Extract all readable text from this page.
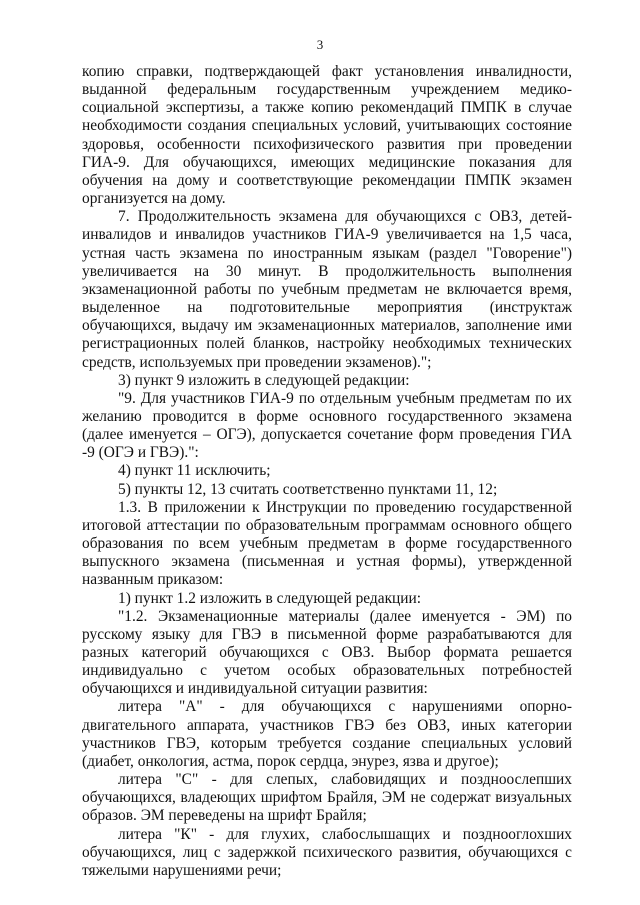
3

копию справки, подтверждающей факт установления инвалидности, выданной федеральным государственным учреждением медико-социальной экспертизы, а также копию рекомендаций ПМПК в случае необходимости создания специальных условий, учитывающих состояние здоровья, особенности психофизического развития при проведении ГИА-9. Для обучающихся, имеющих медицинские показания для обучения на дому и соответствующие рекомендации ПМПК экзамен организуется на дому.

7. Продолжительность экзамена для обучающихся с ОВЗ, детей-инвалидов и инвалидов участников ГИА-9 увеличивается на 1,5 часа, устная часть экзамена по иностранным языкам (раздел "Говорение") увеличивается на 30 минут. В продолжительность выполнения экзаменационной работы по учебным предметам не включается время, выделенное на подготовительные мероприятия (инструктаж обучающихся, выдачу им экзаменационных материалов, заполнение ими регистрационных полей бланков, настройку необходимых технических средств, используемых при проведении экзаменов).";

3) пункт 9 изложить в следующей редакции:

"9. Для участников ГИА-9 по отдельным учебным предметам по их желанию проводится в форме основного государственного экзамена (далее именуется – ОГЭ), допускается сочетание форм проведения ГИА -9 (ОГЭ и ГВЭ).":

4) пункт 11 исключить;

5) пункты 12, 13 считать соответственно пунктами 11, 12;

1.3. В приложении к Инструкции по проведению государственной итоговой аттестации по образовательным программам основного общего образования по всем учебным предметам в форме государственного выпускного экзамена (письменная и устная формы), утвержденной названным приказом:

1) пункт 1.2 изложить в следующей редакции:

"1.2. Экзаменационные материалы (далее именуется - ЭМ) по русскому языку для ГВЭ в письменной форме разрабатываются для разных категорий обучающихся с ОВЗ. Выбор формата решается индивидуально с учетом особых образовательных потребностей обучающихся и индивидуальной ситуации развития:

литера "А" - для обучающихся с нарушениями опорно-двигательного аппарата, участников ГВЭ без ОВЗ, иных категории участников ГВЭ, которым требуется создание специальных условий (диабет, онкология, астма, порок сердца, энурез, язва и другое);

литера "С" - для слепых, слабовидящих и поздноослепших обучающихся, владеющих шрифтом Брайля, ЭМ не содержат визуальных образов. ЭМ переведены на шрифт Брайля;

литера "К" - для глухих, слабослышащих и позднооглохших обучающихся, лиц с задержкой психического развития, обучающихся с тяжелыми нарушениями речи;
